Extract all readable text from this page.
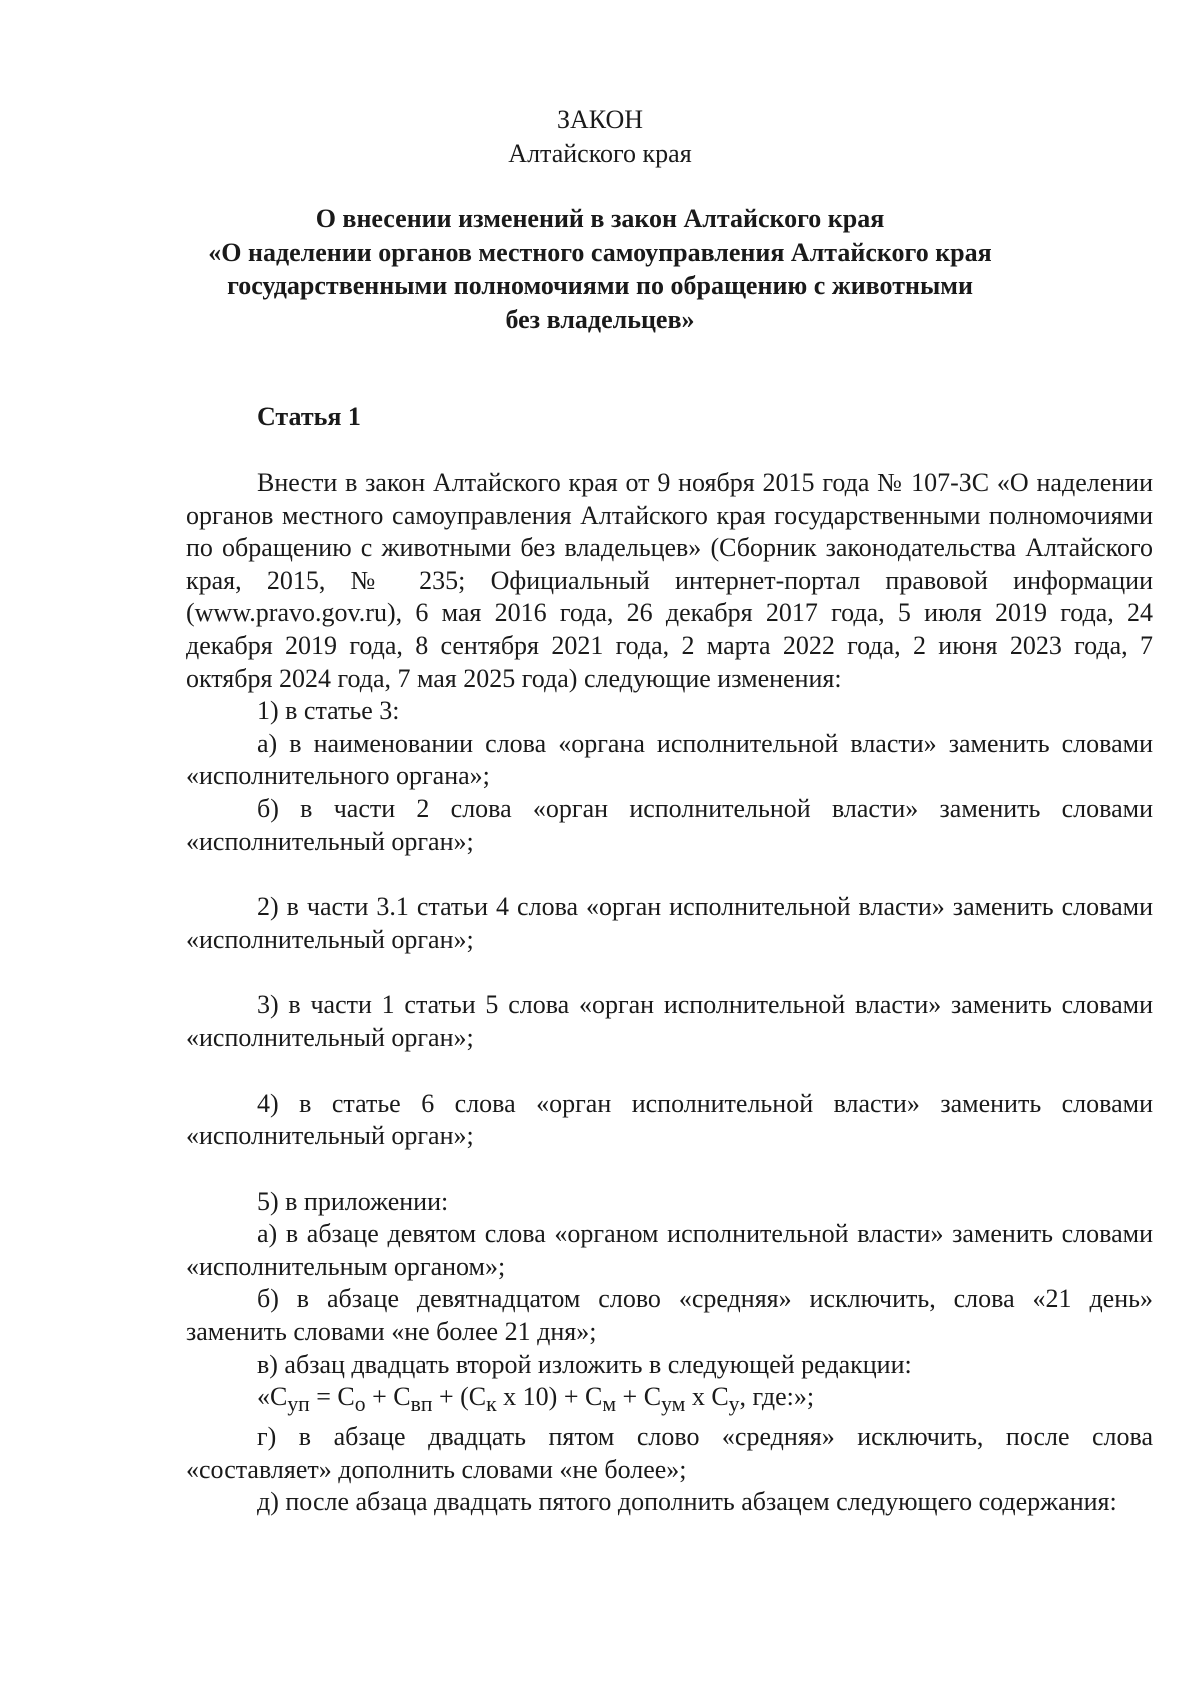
ЗАКОН
Алтайского края
О внесении изменений в закон Алтайского края
«О наделении органов местного самоуправления Алтайского края
государственными полномочиями по обращению с животными
без владельцев»
Статья 1

Внести в закон Алтайского края от 9 ноября 2015 года № 107-ЗС «О наделении органов местного самоуправления Алтайского края государственными полномочиями по обращению с животными без владельцев» (Сборник законодательства Алтайского края, 2015, № 235; Официальный интернет-портал правовой информации (www.pravo.gov.ru), 6 мая 2016 года, 26 декабря 2017 года, 5 июля 2019 года, 24 декабря 2019 года, 8 сентября 2021 года, 2 марта 2022 года, 2 июня 2023 года, 7 октября 2024 года, 7 мая 2025 года) следующие изменения:

1) в статье 3:

а) в наименовании слова «органа исполнительной власти» заменить словами «исполнительного органа»;

б) в части 2 слова «орган исполнительной власти» заменить словами «исполнительный орган»;

2) в части 3.1 статьи 4 слова «орган исполнительной власти» заменить словами «исполнительный орган»;

3) в части 1 статьи 5 слова «орган исполнительной власти» заменить словами «исполнительный орган»;

4) в статье 6 слова «орган исполнительной власти» заменить словами «исполнительный орган»;

5) в приложении:

а) в абзаце девятом слова «органом исполнительной власти» заменить словами «исполнительным органом»;

б) в абзаце девятнадцатом слово «средняя» исключить, слова «21 день» заменить словами «не более 21 дня»;

в) абзац двадцать второй изложить в следующей редакции:

«$С_{уп} = С_о + С_{вп} + (С_к$ х $10) + С_м + С_{ум}$ х $С_у$, где:»;

г) в абзаце двадцать пятом слово «средняя» исключить, после слова «составляет» дополнить словами «не более»;

д) после абзаца двадцать пятого дополнить абзацем следующего содержания:
